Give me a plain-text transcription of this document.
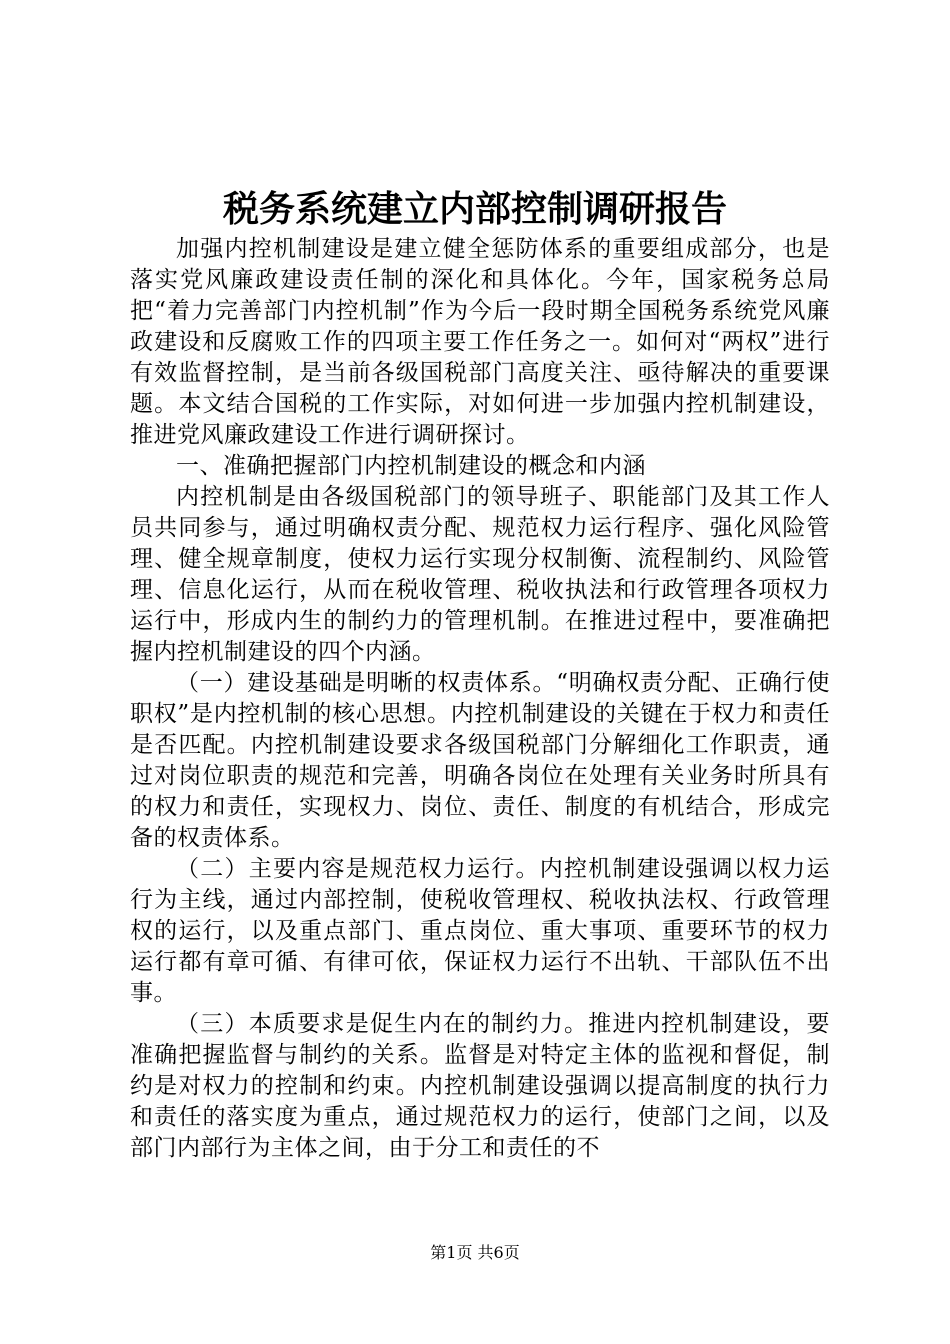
税务系统建立内部控制调研报告

加强内控机制建设是建立健全惩防体系的重要组成部分，也是落实党风廉政建设责任制的深化和具体化。今年，国家税务总局把“着力完善部门内控机制”作为今后一段时期全国税务系统党风廉政建设和反腐败工作的四项主要工作任务之一。如何对“两权”进行有效监督控制，是当前各级国税部门高度关注、亟待解决的重要课题。本文结合国税的工作实际，对如何进一步加强内控机制建设，推进党风廉政建设工作进行调研探讨。

一、准确把握部门内控机制建设的概念和内涵

内控机制是由各级国税部门的领导班子、职能部门及其工作人员共同参与，通过明确权责分配、规范权力运行程序、强化风险管理、健全规章制度，使权力运行实现分权制衡、流程制约、风险管理、信息化运行，从而在税收管理、税收执法和行政管理各项权力运行中，形成内生的制约力的管理机制。在推进过程中，要准确把握内控机制建设的四个内涵。

（一）建设基础是明晰的权责体系。“明确权责分配、正确行使职权”是内控机制的核心思想。内控机制建设的关键在于权力和责任是否匹配。内控机制建设要求各级国税部门分解细化工作职责，通过对岗位职责的规范和完善，明确各岗位在处理有关业务时所具有的权力和责任，实现权力、岗位、责任、制度的有机结合，形成完备的权责体系。

（二）主要内容是规范权力运行。内控机制建设强调以权力运行为主线，通过内部控制，使税收管理权、税收执法权、行政管理权的运行，以及重点部门、重点岗位、重大事项、重要环节的权力运行都有章可循、有律可依，保证权力运行不出轨、干部队伍不出事。

（三）本质要求是促生内在的制约力。推进内控机制建设，要准确把握监督与制约的关系。监督是对特定主体的监视和督促，制约是对权力的控制和约束。内控机制建设强调以提高制度的执行力和责任的落实度为重点，通过规范权力的运行，使部门之间，以及部门内部行为主体之间，由于分工和责任的不

第1页 共6页
